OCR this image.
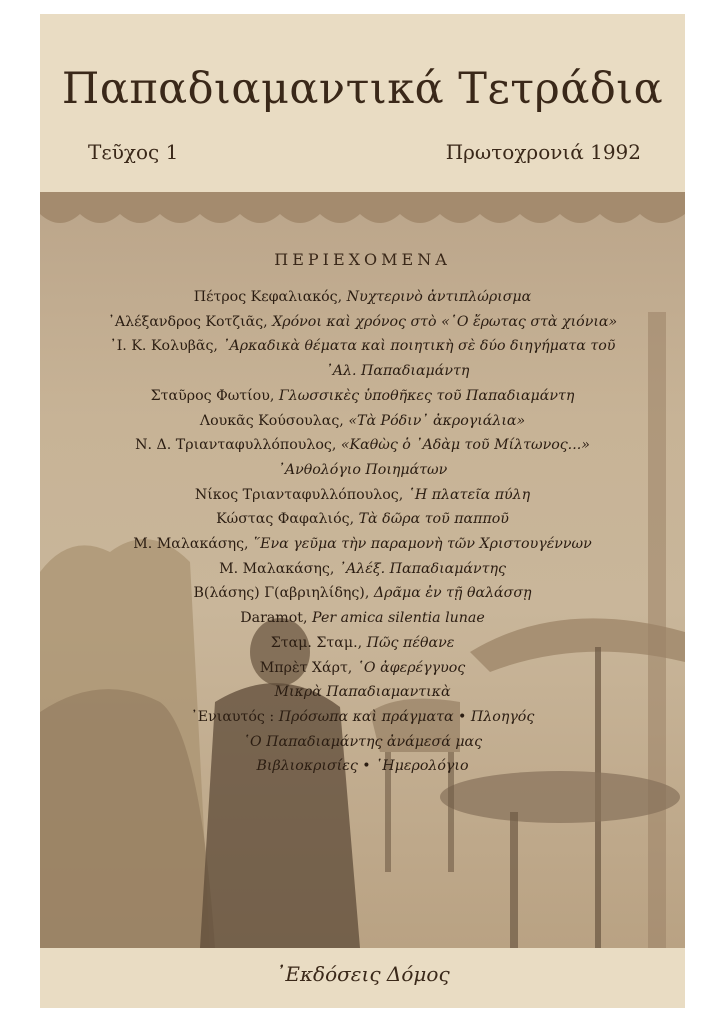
Παπαδιαμαντικά Τετράδια
Τεῦχος 1	Πρωτοχρονιά 1992
ΠΕΡΙΕΧΟΜΕΝΑ
Πέτρος Κεφαλιακός, Νυχτερινὸ ἀντιπλώρισμα
᾿Αλέξανδρος Κοτζιᾶς, Χρόνοι καὶ χρόνος στὸ «῾Ο ἔρωτας στὰ χιόνια»
᾿Ι. Κ. Κολυβᾶς, ᾿Αρκαδικὰ θέματα καὶ ποιητικὴ σὲ δύο διηγήματα τοῦ
᾿Αλ. Παπαδιαμάντη
Σταῦρος Φωτίου, Γλωσσικὲς ὑποθῆκες τοῦ Παπαδιαμάντη
Λουκᾶς Κούσουλας, «Τὰ Ρόδιν᾿ ἀκρογιάλια»
Ν. Δ. Τριανταφυλλόπουλος, «Καθὼς ὁ ᾿Αδὰμ τοῦ Μίλτωνος...»
᾿Ανθολόγιο Ποιημάτων
Νίκος Τριανταφυλλόπουλος, ῾Η πλατεῖα πύλη
Κώστας Φαφαλιός, Τὰ δῶρα τοῦ παπποῦ
Μ. Μαλακάσης, ῞Ενα γεῦμα τὴν παραμονὴ τῶν Χριστουγέννων
Μ. Μαλακάσης, ᾿Αλέξ. Παπαδιαμάντης
Β(λάσης) Γ(αβριηλίδης), Δρᾶμα ἐν τῇ θαλάσσῃ
Daramot, Per amica silentia lunae
Σταμ. Σταμ., Πῶς πέθανε
Μπρὲτ Χάρτ, ῾Ο ἀφερέγγυος
Μικρὰ Παπαδιαμαντικὰ
᾿Ενιαυτός : Πρόσωπα καὶ πράγματα • Πλοηγός
῾Ο Παπαδιαμάντης ἀνάμεσά μας
Βιβλιοκρισίες • ῾Ημερολόγιο
᾿Εκδόσεις Δόμος
